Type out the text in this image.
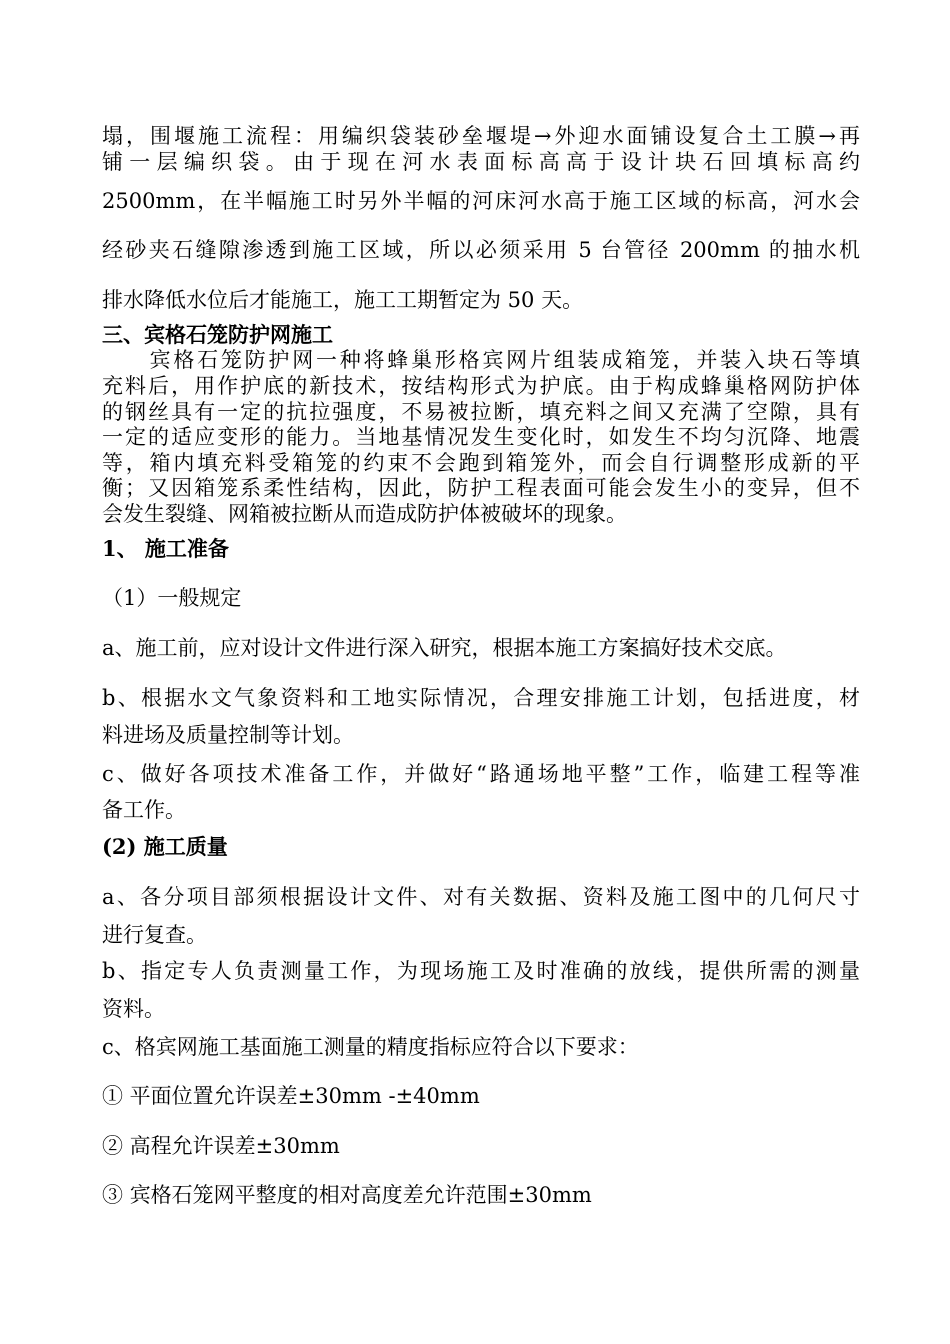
塌，围堰施工流程：用编织袋装砂垒堰堤→外迎水面铺设复合土工膜→再
铺一层编织袋。由于现在河水表面标高高于设计块石回填标高约
2500mm，在半幅施工时另外半幅的河床河水高于施工区域的标高，河水会
经砂夹石缝隙渗透到施工区域，所以必须采用 5 台管径 200mm 的抽水机
排水降低水位后才能施工，施工工期暂定为 50 天。
三、宾格石笼防护网施工
　　宾格石笼防护网一种将蜂巢形格宾网片组装成箱笼，并装入块石等填
充料后，用作护底的新技术，按结构形式为护底。由于构成蜂巢格网防护体
的钢丝具有一定的抗拉强度，不易被拉断，填充料之间又充满了空隙，具有
一定的适应变形的能力。当地基情况发生变化时，如发生不均匀沉降、地震
等，箱内填充料受箱笼的约束不会跑到箱笼外，而会自行调整形成新的平
衡；又因箱笼系柔性结构，因此，防护工程表面可能会发生小的变异，但不
会发生裂缝、网箱被拉断从而造成防护体被破坏的现象。
1、 施工准备
（1）一般规定
a、施工前，应对设计文件进行深入研究，根据本施工方案搞好技术交底。
b、根据水文气象资料和工地实际情况，合理安排施工计划，包括进度，材
料进场及质量控制等计划。
c、做好各项技术准备工作，并做好“路通场地平整”工作，临建工程等准
备工作。
(2) 施工质量
a、各分项目部须根据设计文件、对有关数据、资料及施工图中的几何尺寸
进行复查。
b、指定专人负责测量工作，为现场施工及时准确的放线，提供所需的测量
资料。
c、格宾网施工基面施工测量的精度指标应符合以下要求：
① 平面位置允许误差±30mm -±40mm
② 高程允许误差±30mm
③ 宾格石笼网平整度的相对高度差允许范围±30mm
